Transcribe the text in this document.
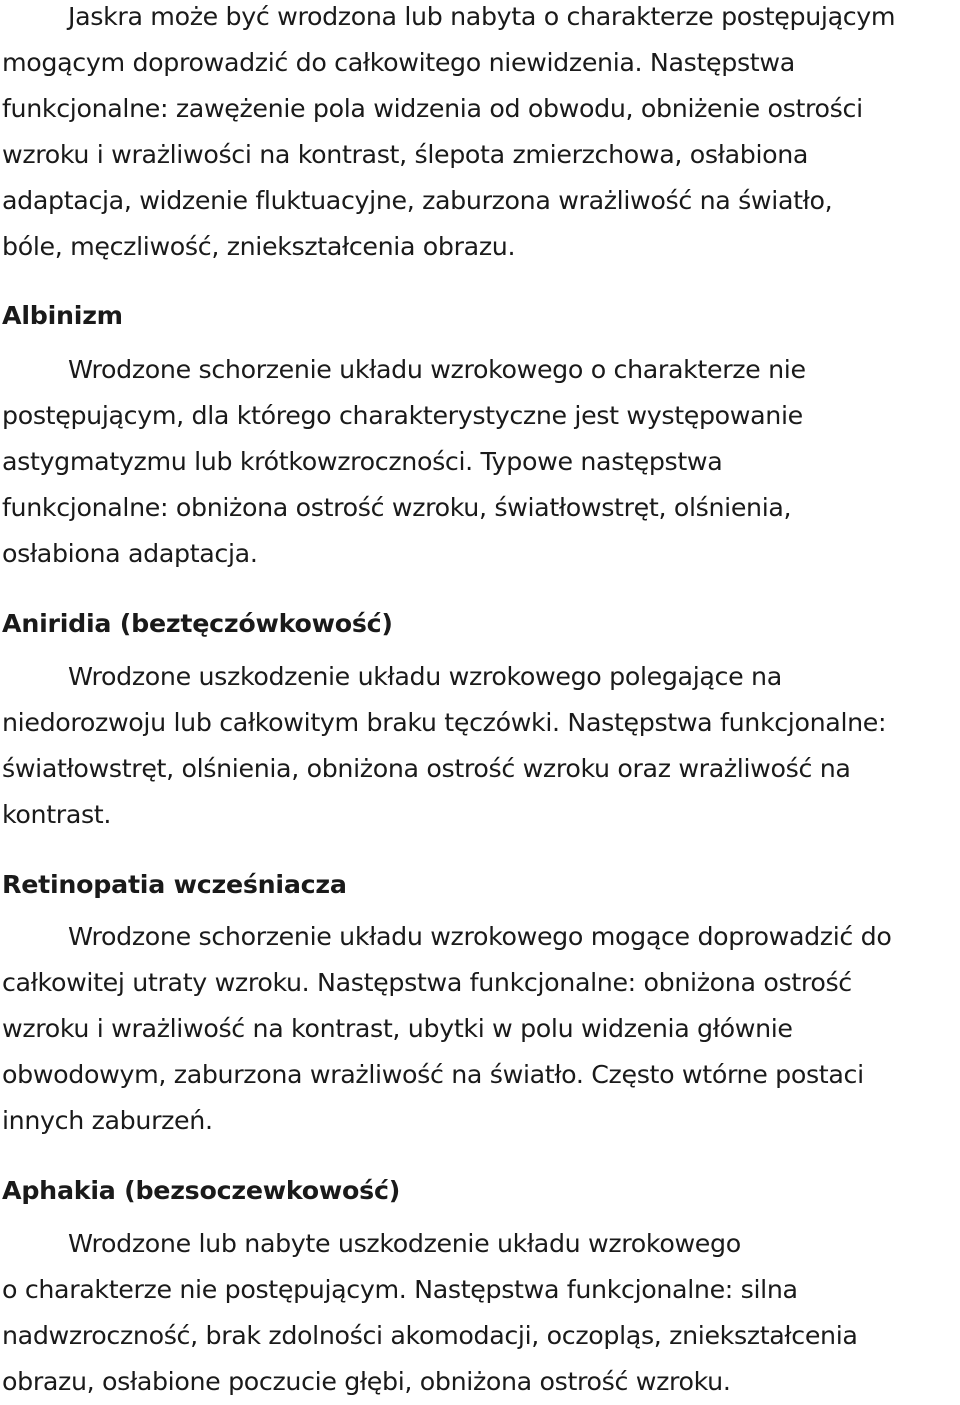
Jaskra może być wrodzona lub nabyta o charakterze postępującym
mogącym doprowadzić do całkowitego niewidzenia. Następstwa
funkcjonalne: zawężenie pola widzenia od obwodu, obniżenie ostrości
wzroku i wrażliwości na kontrast, ślepota zmierzchowa, osłabiona
adaptacja, widzenie fluktuacyjne, zaburzona wrażliwość na światło,
bóle, męczliwość, zniekształcenia obrazu.

Albinizm

Wrodzone schorzenie układu wzrokowego o charakterze nie
postępującym, dla którego charakterystyczne jest występowanie
astygmatyzmu lub krótkowzroczności. Typowe następstwa
funkcjonalne: obniżona ostrość wzroku, światłowstręt, olśnienia,
osłabiona adaptacja.

Aniridia (beztęczówkowość)

Wrodzone uszkodzenie układu wzrokowego polegające na
niedorozwoju lub całkowitym braku tęczówki. Następstwa funkcjonalne:
światłowstręt, olśnienia, obniżona ostrość wzroku oraz wrażliwość na
kontrast.

Retinopatia wcześniacza

Wrodzone schorzenie układu wzrokowego mogące doprowadzić do
całkowitej utraty wzroku. Następstwa funkcjonalne: obniżona ostrość
wzroku i wrażliwość na kontrast, ubytki w polu widzenia głównie
obwodowym, zaburzona wrażliwość na światło. Często wtórne postaci
innych zaburzeń.

Aphakia (bezsoczewkowość)

Wrodzone lub nabyte uszkodzenie układu wzrokowego
o charakterze nie postępującym. Następstwa funkcjonalne: silna
nadwzroczność, brak zdolności akomodacji, oczopląs, zniekształcenia
obrazu, osłabione poczucie głębi, obniżona ostrość wzroku.
